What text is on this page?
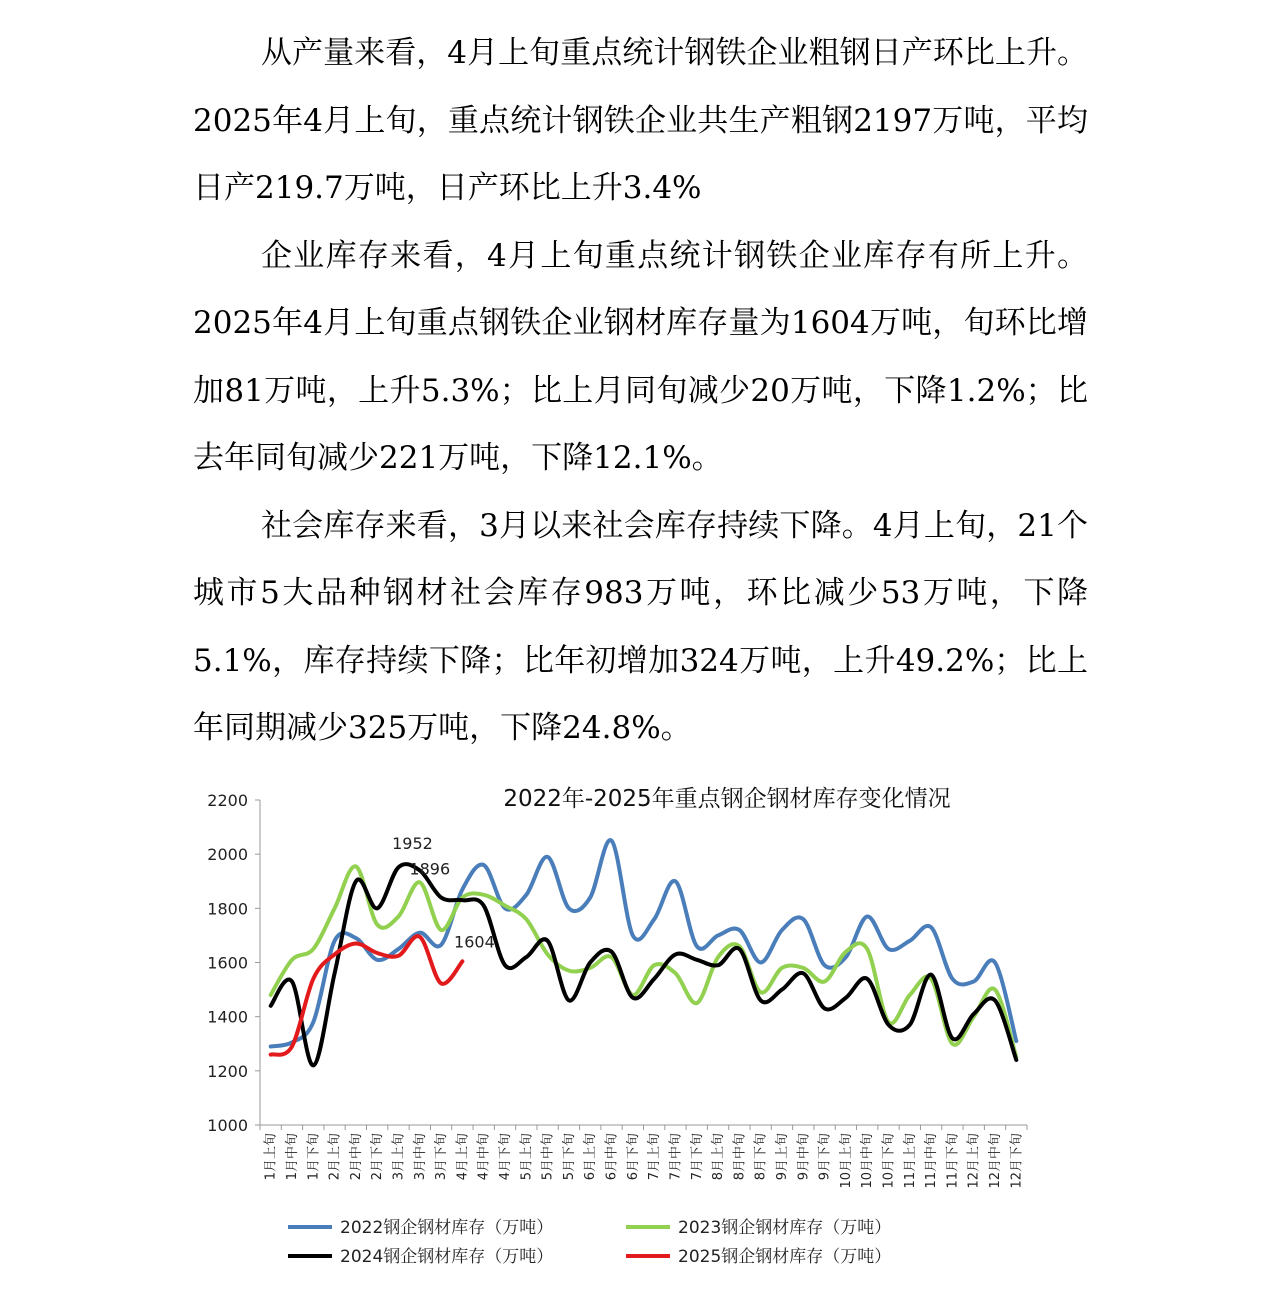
从产量来看，4月上旬重点统计钢铁企业粗钢日产环比上升。2025年4月上旬，重点统计钢铁企业共生产粗钢2197万吨，平均日产219.7万吨，日产环比上升3.4%

企业库存来看，4月上旬重点统计钢铁企业库存有所上升。2025年4月上旬重点钢铁企业钢材库存量为1604万吨，旬环比增加81万吨，上升5.3%；比上月同旬减少20万吨，下降1.2%；比去年同旬减少221万吨，下降12.1%。

社会库存来看，3月以来社会库存持续下降。4月上旬，21个城市5大品种钢材社会库存983万吨，环比减少53万吨，下降5.1%，库存持续下降；比年初增加324万吨，上升49.2%；比上年同期减少325万吨，下降24.8%。

2022年-2025年重点钢企钢材库存变化情况
1000
1200
1400
1600
1800
2000
2200
1月上旬 1月中旬 1月下旬 2月上旬 2月中旬 2月下旬 3月上旬 3月中旬 3月下旬 4月上旬 4月中旬 4月下旬 5月上旬 5月中旬 5月下旬 6月上旬 6月中旬 6月下旬 7月上旬 7月中旬 7月下旬 8月上旬 8月中旬 8月下旬 9月上旬 9月中旬 9月下旬 10月上旬 10月中旬 10月下旬 11月上旬 11月中旬 11月下旬 12月上旬 12月中旬 12月下旬
1952
1896
1604
2022钢企钢材库存（万吨）	2023钢企钢材库存（万吨）
2024钢企钢材库存（万吨）	2025钢企钢材库存（万吨）
